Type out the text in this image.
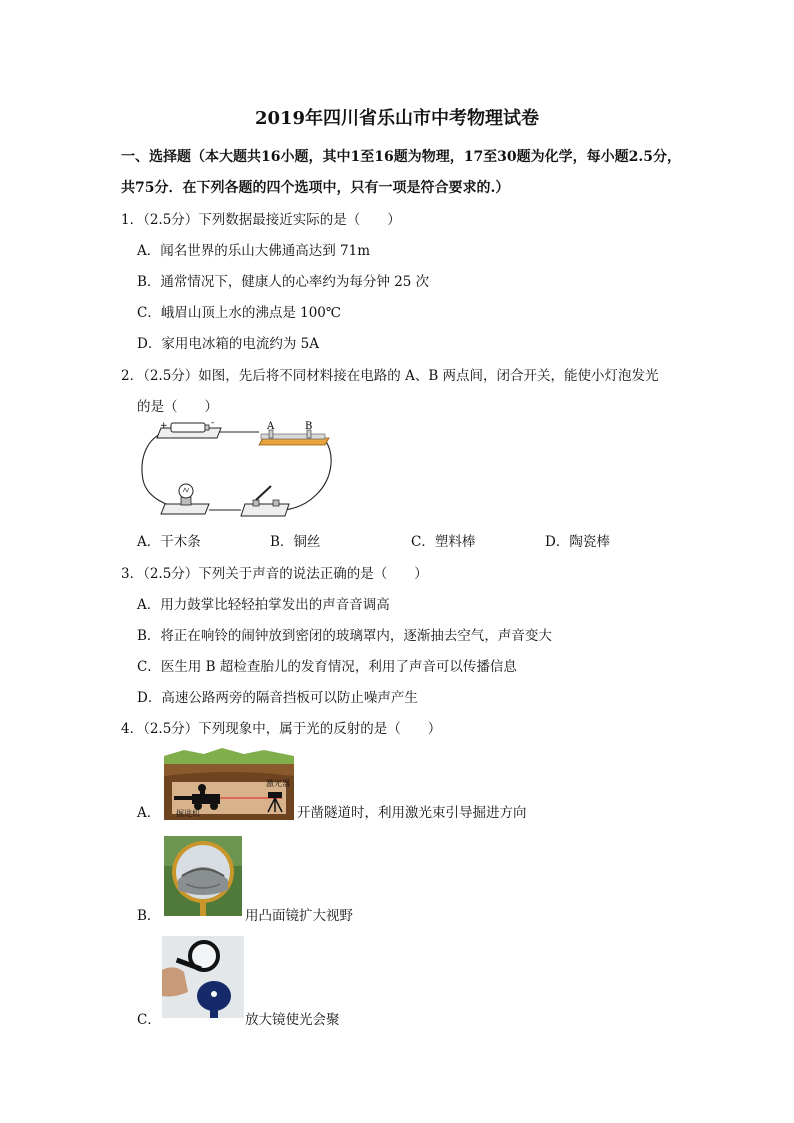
2019年四川省乐山市中考物理试卷
一、选择题（本大题共16小题，其中1至16题为物理，17至30题为化学，每小题2.5分，
共75分．在下列各题的四个选项中，只有一项是符合要求的.）
1．（2.5分）下列数据最接近实际的是（　　）
A．闻名世界的乐山大佛通高达到 71m
B．通常情况下，健康人的心率约为每分钟 25 次
C．峨眉山顶上水的沸点是 100℃
D．家用电冰箱的电流约为 5A
2．（2.5分）如图，先后将不同材料接在电路的 A、B 两点间，闭合开关，能使小灯泡发光
的是（　　）
+	-	A	B
A．干木条	B．铜丝	C．塑料棒	D．陶瓷棒
3．（2.5分）下列关于声音的说法正确的是（　　）
A．用力鼓掌比轻轻拍掌发出的声音音调高
B．将正在响铃的闹钟放到密闭的玻璃罩内，逐渐抽去空气，声音变大
C．医生用 B 超检查胎儿的发育情况，利用了声音可以传播信息
D．高速公路两旁的隔音挡板可以防止噪声产生
4．（2.5分）下列现象中，属于光的反射的是（　　）
A．
激光器
掘进机	开凿隧道时，利用激光束引导掘进方向
B．	用凸面镜扩大视野
C．	放大镜使光会聚
